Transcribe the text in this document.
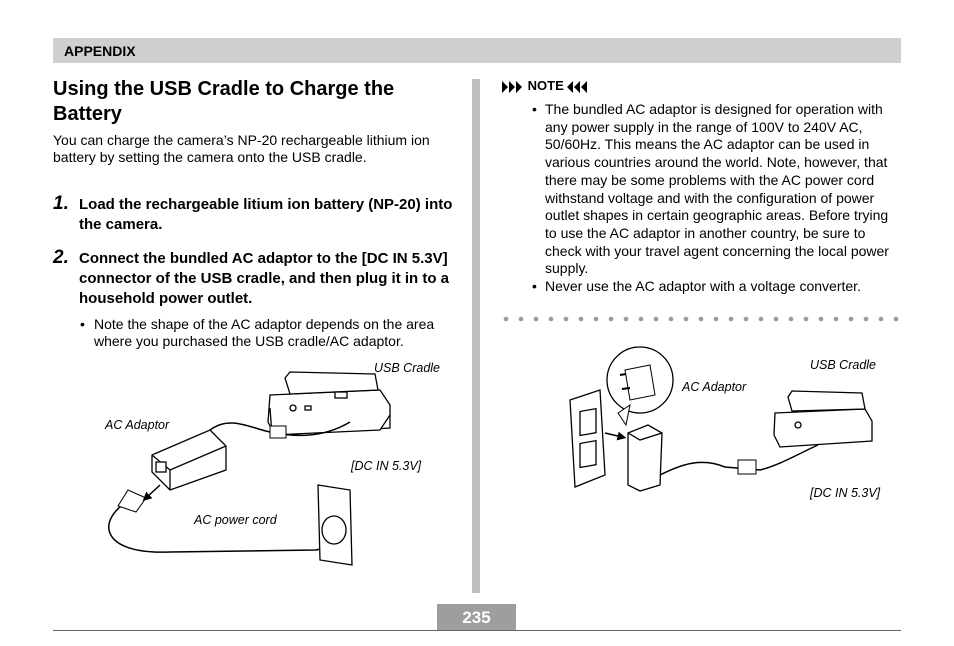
APPENDIX
Using the USB Cradle to Charge the Battery
You can charge the camera’s NP-20 rechargeable lithium ion battery by setting the camera onto the USB cradle.
1. Load the rechargeable litium ion battery (NP-20) into the camera.
2. Connect the bundled AC adaptor to the [DC IN 5.3V] connector of the USB cradle, and then plug it in to a household power outlet.
• Note the shape of the AC adaptor depends on the area where you purchased the USB cradle/AC adaptor.
USB Cradle
AC Adaptor
[DC IN 5.3V]
AC power cord
NOTE
• The bundled AC adaptor is designed for operation with any power supply in the range of 100V to 240V AC, 50/60Hz. This means the AC adaptor can be used in various countries around the world. Note, however, that there may be some problems with the AC power cord withstand voltage and with the configuration of power outlet shapes in certain geographic areas. Before trying to use the AC adaptor in another country, be sure to check with your travel agent concerning the local power supply.
• Never use the AC adaptor with a voltage converter.
AC Adaptor
USB Cradle
[DC IN 5.3V]
235
